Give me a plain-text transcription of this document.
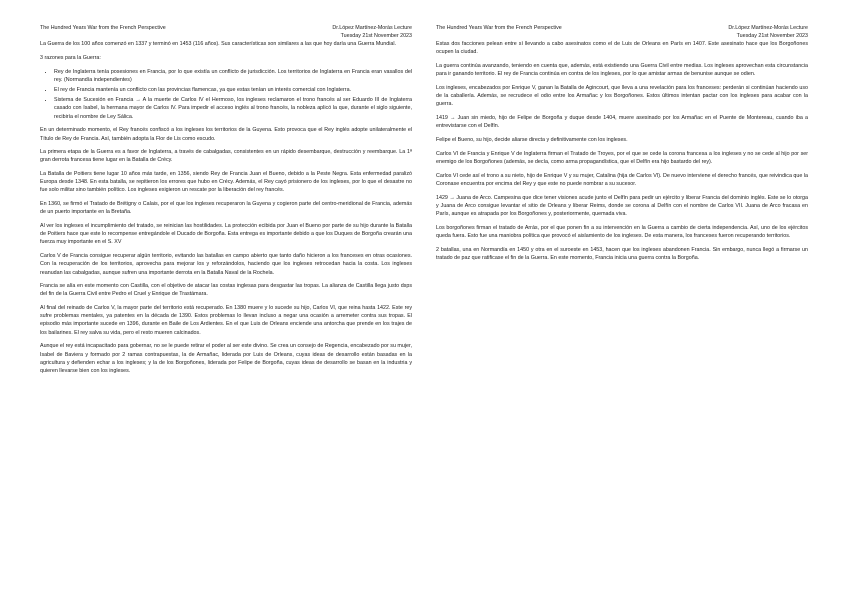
The Hundred Years War from the French Perspective	Dr.López Martínez-Moràs Lecture
Tuesday 21st November 2023

La Guerra de los 100 años comenzó en 1337 y terminó en 1453 (116 años). Sus características son similares a las que hoy daría una Guerra Mundial.

3 razones para la Guerra:

• Rey de Inglaterra tenía posesiones en Francia, por lo que existía un conflicto de jurisdicción. Los territorios de Inglaterra en Francia eran vasallos del rey. (Normandía independientes)
• El rey de Francia mantenía un conflicto con las provincias flamencas, ya que estas tenían un interés comercial con Inglaterra.
• Sistema de Sucesión en Francia → A la muerte de Carlos IV el Hermoso, los ingleses reclamaron el trono francés al ser Eduardo III de Inglaterra casado con Isabel, la hermana mayor de Carlos IV. Para impedir el acceso inglés al trono francés, la nobleza aplicó la que, durante el siglo siguiente, recibiría el nombre de Ley Sálica.

En un determinado momento, el Rey francés confiscó a los ingleses los territorios de la Guyena. Esto provoca que el Rey inglés adopte unilateralmente el Título de Rey de Francia. Así, también adopta la Flor de Lis como escudo.

La primera etapa de la Guerra es a favor de Inglaterra, a través de cabalgadas, consistentes en un rápido desembarque, destrucción y reembarque. La 1ª gran derrota francesa tiene lugar en la Batalla de Crécy.

La Batalla de Poitiers tiene lugar 10 años más tarde, en 1356, siendo Rey de Francia Juan el Bueno, debido a la Peste Negra. Esta enfermedad paralizó Europa desde 1348. En esta batalla, se repitieron los errores que hubo en Crécy. Además, el Rey cayó prisionero de los ingleses, por lo que el desastre no fue solo militar sino también político. Los ingleses exigieron un rescate por la liberación del rey francés.

En 1360, se firmó el Tratado de Brétigny o Calais, por el que los ingleses recuperaron la Guyena y cogieron parte del centro-meridional de Francia, además de un puerto importante en la Bretaña.

Al ver los ingleses el incumplimiento del tratado, se reinician las hostilidades. La protección ecibida por Juan el Bueno por parte de su hijo durante la Batalla de Poitiers hace que este lo recompense entregándole el Ducado de Borgoña. Esta entrega es importante debido a que los Duques de Borgoña crearán una fuerza muy importante en el S. XV

Carlos V de Francia consigue recuperar algún territorio, evitando las batallas en campo abierto que tanto daño hicieron a los franceses en otras ocasiones. Con la recuperación de los territorios, aprovecha para mejorar los y reforzándolos, haciendo que los ingleses retrocedan hacia la costa. Los ingleses reanudan las cabalgadas, aunque sufren una importante derrota en la Batalla Naval de la Rochela.

Francia se alía en este momento con Castilla, con el objetivo de atacar las costas inglesas para desgastar las tropas. La alianza de Castilla llega justo dsps del fin de la Guerra Civil entre Pedro el Cruel y Enrique de Trastámara.

Al final del reinado de Carlos V, la mayor parte del territorio está recuperado. En 1380 muere y lo sucede su hijo, Carlos VI, que reina hasta 1422. Este rey sufre problemas mentales, ya patentes en la década de 1390. Estos problemas lo llevan incluso a negar una ocasión a arremeter contra sus tropas. El episodio más importante sucede en 1396, durante en Baile de Los Ardientes. En el que Luis de Orleans enciende una antorcha que prende en los trajes de los bailarines. El rey salva su vida, pero el resto mueren calcinados.

Aunque el rey está incapacitado para gobernar, no se le puede retirar el poder al ser este divino. Se crea un consejo de Regencia, encabezado por su mujer, Isabel de Baviera y formado por 2 ramas contrapuestas, la de Armañac, liderada por Luis de Orleans, cuyas ideas de desarrollo están basadas en la agricultura y defienden echar a los ingleses; y la de los Borgoñones, liderada por Felipe de Borgoña, cuyas ideas de desarrollo se basan en la industria y quieren llevarse bien con los ingleses.

The Hundred Years War from the French Perspective	Dr.López Martínez-Moràs Lecture
Tuesday 21st November 2023

Estas dos facciones pelean entre sí llevando a cabo asesinatos como el de Luis de Orleans en París en 1407. Este asesinato hace que los Borgoñones ocupen la ciudad.

La guerra continúa avanzando, teniendo en cuenta que, además, está existiendo una Guerra Civil entre medias. Los ingleses aprovechan esta circunstancia para ir ganando territorio. El rey de Francia continúa en contra de los ingleses, por lo que amistar armas de benunise aunque se odien.

Los ingleses, encabezados por Enrique V, ganan la Batalla de Agincourt, que lleva a una revelación para los franceses: perderán si continúan haciendo uso de la caballería. Además, se recrudece el odio entre los Armañac y los Borgoñones. Estos últimos intentan pactar con los ingleses para acabar con la guerra.

1419 → Juan sin miedo, hijo de Felipe de Borgoña y duque desde 1404, muere asesinado por los Armañac en el Puente de Montereau, cuando iba a entrevistarse con el Delfín.

Felipe el Bueno, su hijo, decide aliarse directa y definitivamente con los ingleses.

Carlos VI de Francia y Enrique V de Inglaterra firman el Tratado de Troyes, por el que se cede la corona francesa a los ingleses y no se cede al hijo por ser enemigo de los Borgoñones (además, se decía, como arma propagandística, que el Delfín era hijo bastardo del rey).

Carlos VI cede así el trono a su nieto, hijo de Enrique V y su mujer, Catalina (hija de Carlos VI). De nuevo interviene el derecho francés, que reivindica que la Coronase encuentra por encima del Rey y que este no puede nombrar a su sucesor.

1429 → Juana de Arco. Campesina que dice tener visiones acude junto el Delfín para pedir un ejército y liberar Francia del dominio inglés. Este se lo otorga y Juana de Arco consigue levantar el sitio de Orleans y liberar Reims, donde se corona al Delfín con el nombre de Carlos VII. Juana de Arco fracasa en París, aunque es atrapada por los Borgoñones y, posteriormente, quemada viva.

Los borgoñones firman el tratado de Arrás, por el que ponen fin a su intervención en la Guerra a cambio de cierta independencia. Así, uno de los ejércitos queda fuera. Esto fue una maniobra política que provocó el aislamiento de los ingleses. De esta manera, los franceses fueron recuperando territorios.

2 batallas, una en Normandía en 1450 y otra en el suroeste en 1453, hacen que los ingleses abandonen Francia. Sin embargo, nunca llegó a firmarse un tratado de paz que ratificase el fin de la Guerra. En este momento, Francia inicia una guerra contra la Borgoña.
